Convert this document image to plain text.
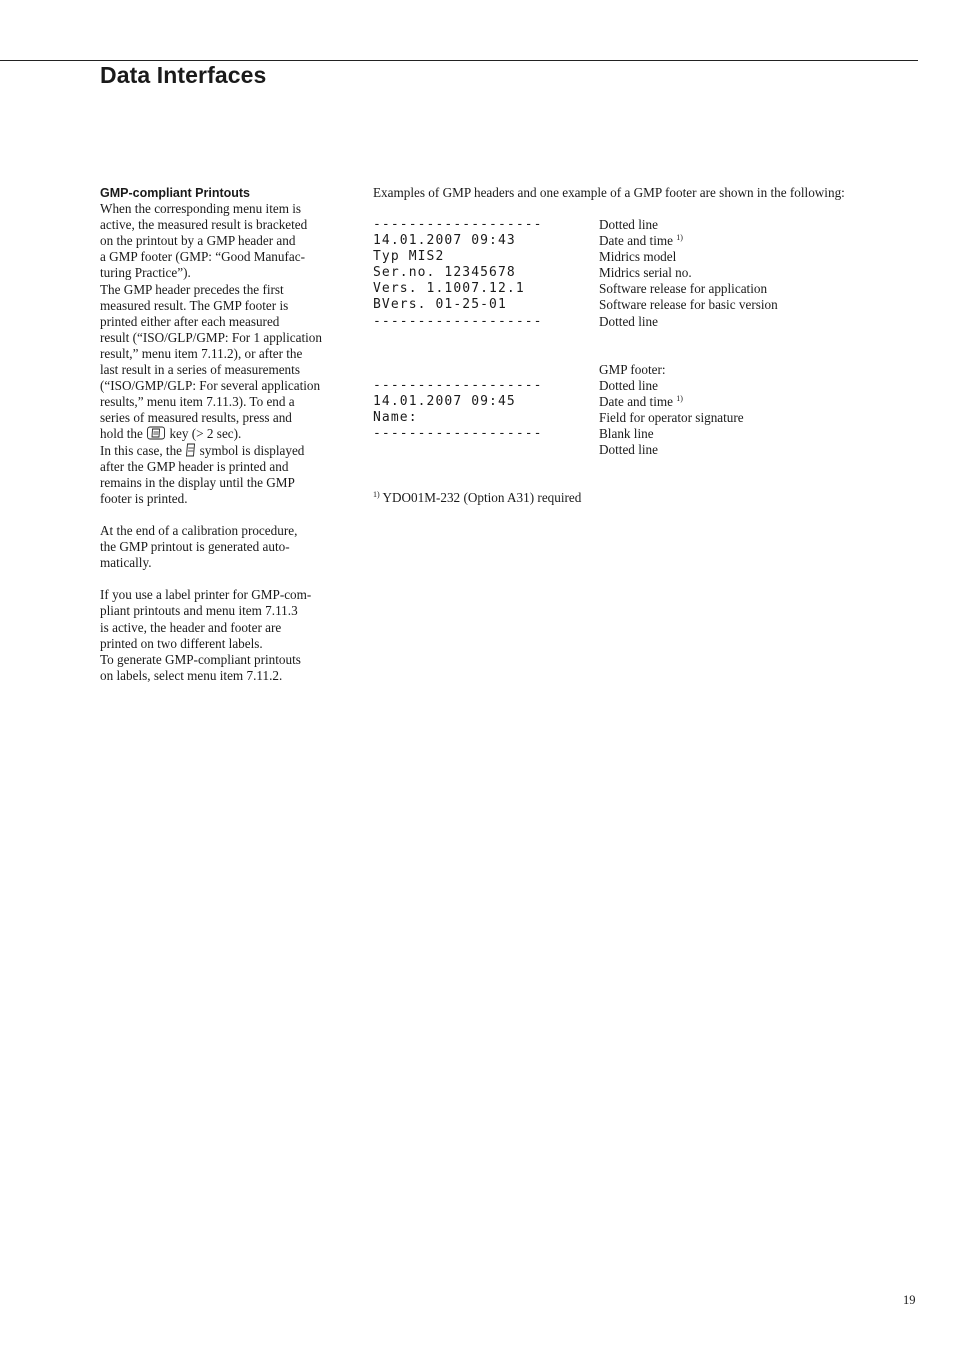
Data Interfaces
GMP-compliant Printouts
When the corresponding menu item is
active, the measured result is bracketed
on the printout by a GMP header and
a GMP footer (GMP: “Good Manufac-
turing Practice”).
The GMP header precedes the first
measured result. The GMP footer is
printed either after each measured
result (“ISO/GLP/GMP: For 1 application
result,” menu item 7.11.2), or after the
last result in a series of measurements
(“ISO/GMP/GLP: For several application
results,” menu item 7.11.3). To end a
series of measured results, press and
hold the key (> 2 sec).
In this case, the symbol is displayed
after the GMP header is printed and
remains in the display until the GMP
footer is printed.
At the end of a calibration procedure,
the GMP printout is generated auto-
matically.
If you use a label printer for GMP-com-
pliant printouts and menu item 7.11.3
is active, the header and footer are
printed on two different labels.
To generate GMP-compliant printouts
on labels, select menu item 7.11.2.
Examples of GMP headers and one example of a GMP footer are shown in the following:
-------------------
14.01.2007 09:43
Typ MIS2
Ser.no. 12345678
Vers. 1.1007.12.1
BVers. 01-25-01
-------------------
Dotted line
Date and time $^{1)}$
Midrics model
Midrics serial no.
Software release for application
Software release for basic version
Dotted line
GMP footer:
-------------------
14.01.2007 09:45
Name:
-------------------
Dotted line
Date and time $^{1)}$
Field for operator signature
Blank line
Dotted line
$^{1)}$ YDO01M-232 (Option A31) required
19
